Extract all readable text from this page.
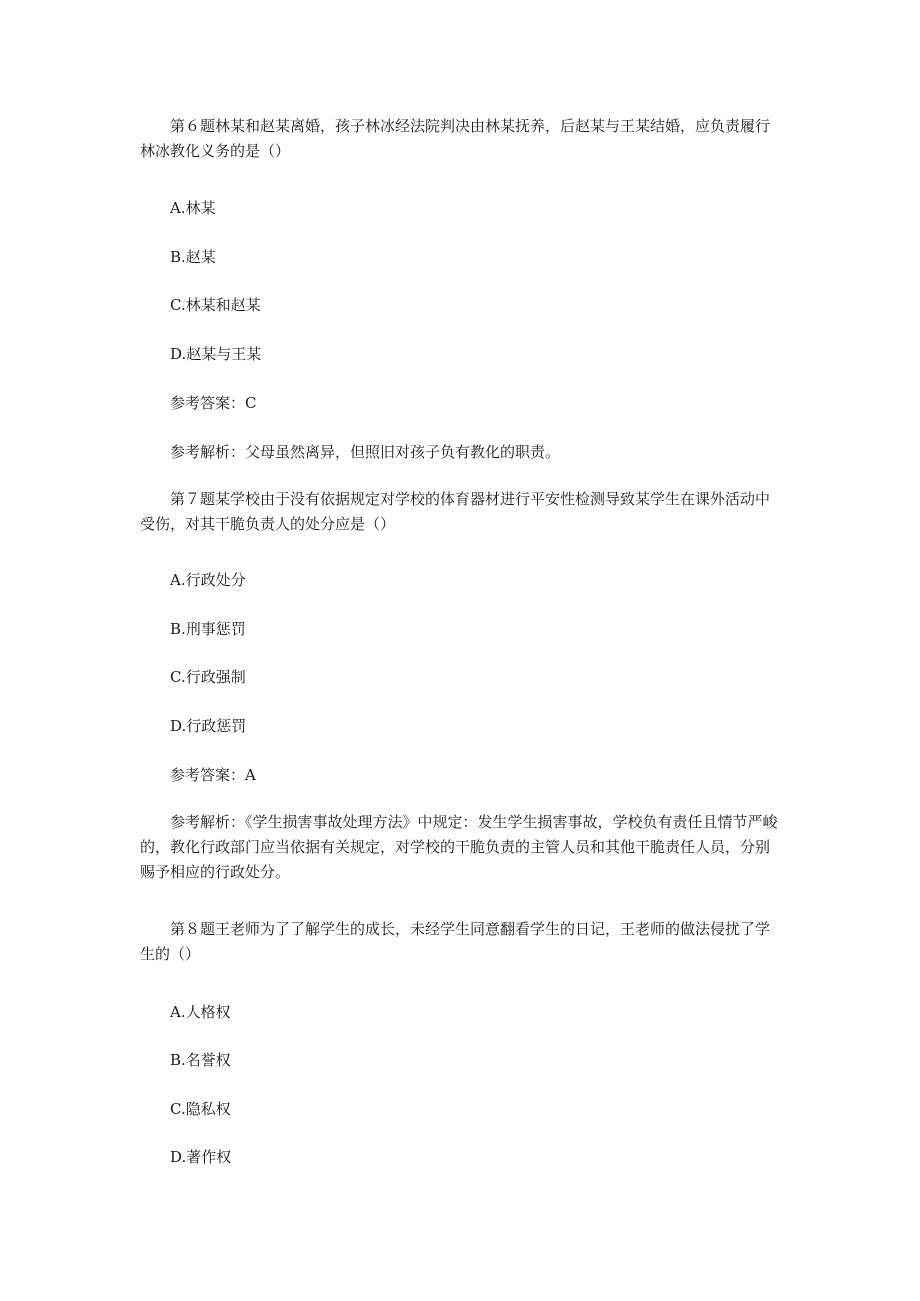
第６题林某和赵某离婚，孩子林冰经法院判决由林某抚养，后赵某与王某结婚，应负责履行林冰教化义务的是（）
A.林某
B.赵某
C.林某和赵某
D.赵某与王某
参考答案：C
参考解析：父母虽然离异，但照旧对孩子负有教化的职责。
第７题某学校由于没有依据规定对学校的体育器材进行平安性检测导致某学生在课外活动中受伤，对其干脆负责人的处分应是（）
A.行政处分
B.刑事惩罚
C.行政强制
D.行政惩罚
参考答案：A
参考解析：《学生损害事故处理方法》中规定：发生学生损害事故，学校负有责任且情节严峻的，教化行政部门应当依据有关规定，对学校的干脆负责的主管人员和其他干脆责任人员，分别赐予相应的行政处分。
第８题王老师为了了解学生的成长，未经学生同意翻看学生的日记，王老师的做法侵扰了学生的（）
A.人格权
B.名誉权
C.隐私权
D.著作权
